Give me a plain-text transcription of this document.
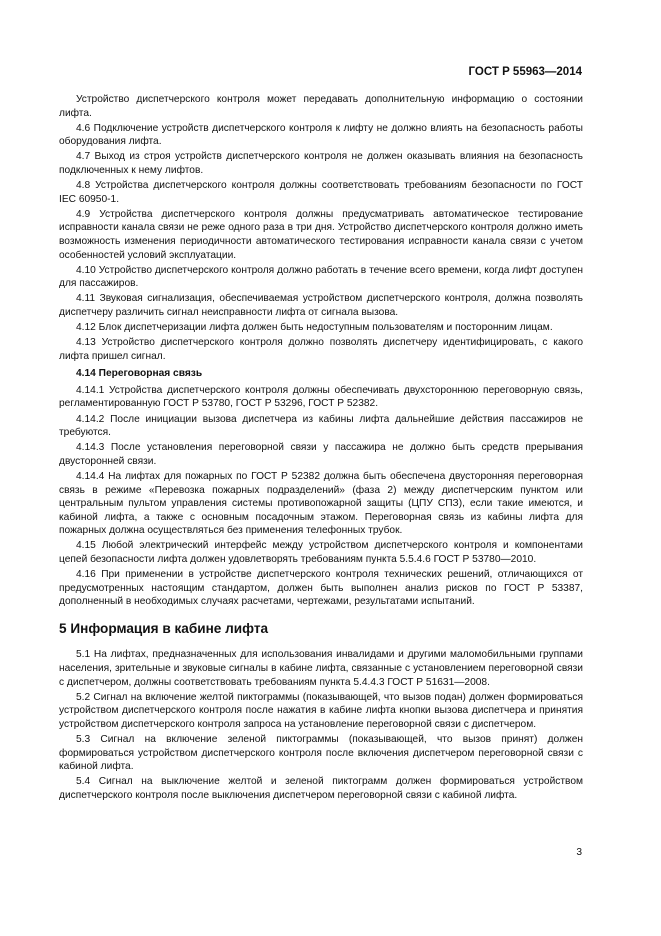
ГОСТ Р 55963—2014

Устройство диспетчерского контроля может передавать дополнительную информацию о состоянии лифта.

4.6 Подключение устройств диспетчерского контроля к лифту не должно влиять на безопасность работы оборудования лифта.

4.7 Выход из строя устройств диспетчерского контроля не должен оказывать влияния на безопасность подключенных к нему лифтов.

4.8 Устройства диспетчерского контроля должны соответствовать требованиям безопасности по ГОСТ IEC 60950-1.

4.9 Устройства диспетчерского контроля должны предусматривать автоматическое тестирование исправности канала связи не реже одного раза в три дня. Устройство диспетчерского контроля должно иметь возможность изменения периодичности автоматического тестирования исправности канала связи с учетом особенностей условий эксплуатации.

4.10 Устройство диспетчерского контроля должно работать в течение всего времени, когда лифт доступен для пассажиров.

4.11 Звуковая сигнализация, обеспечиваемая устройством диспетчерского контроля, должна позволять диспетчеру различить сигнал неисправности лифта от сигнала вызова.

4.12 Блок диспетчеризации лифта должен быть недоступным пользователям и посторонним лицам.

4.13 Устройство диспетчерского контроля должно позволять диспетчеру идентифицировать, с какого лифта пришел сигнал.

4.14 Переговорная связь

4.14.1 Устройства диспетчерского контроля должны обеспечивать двухстороннюю переговорную связь, регламентированную ГОСТ Р 53780, ГОСТ Р 53296, ГОСТ Р 52382.

4.14.2 После инициации вызова диспетчера из кабины лифта дальнейшие действия пассажиров не требуются.

4.14.3 После установления переговорной связи у пассажира не должно быть средств прерывания двусторонней связи.

4.14.4 На лифтах для пожарных по ГОСТ Р 52382 должна быть обеспечена двусторонняя переговорная связь в режиме «Перевозка пожарных подразделений» (фаза 2) между диспетчерским пунктом или центральным пультом управления системы противопожарной защиты (ЦПУ СПЗ), если такие имеются, и кабиной лифта, а также с основным посадочным этажом. Переговорная связь из кабины лифта для пожарных должна осуществляться без применения телефонных трубок.

4.15 Любой электрический интерфейс между устройством диспетчерского контроля и компонентами цепей безопасности лифта должен удовлетворять требованиям пункта 5.5.4.6 ГОСТ Р 53780—2010.

4.16 При применении в устройстве диспетчерского контроля технических решений, отличающихся от предусмотренных настоящим стандартом, должен быть выполнен анализ рисков по ГОСТ Р 53387, дополненный в необходимых случаях расчетами, чертежами, результатами испытаний.

5 Информация в кабине лифта

5.1 На лифтах, предназначенных для использования инвалидами и другими маломобильными группами населения, зрительные и звуковые сигналы в кабине лифта, связанные с установлением переговорной связи с диспетчером, должны соответствовать требованиям пункта 5.4.4.3 ГОСТ Р 51631—2008.

5.2 Сигнал на включение желтой пиктограммы (показывающей, что вызов подан) должен формироваться устройством диспетчерского контроля после нажатия в кабине лифта кнопки вызова диспетчера и принятия устройством диспетчерского контроля запроса на установление переговорной связи с диспетчером.

5.3 Сигнал на включение зеленой пиктограммы (показывающей, что вызов принят) должен формироваться устройством диспетчерского контроля после включения диспетчером переговорной связи с кабиной лифта.

5.4 Сигнал на выключение желтой и зеленой пиктограмм должен формироваться устройством диспетчерского контроля после выключения диспетчером переговорной связи с кабиной лифта.

3
